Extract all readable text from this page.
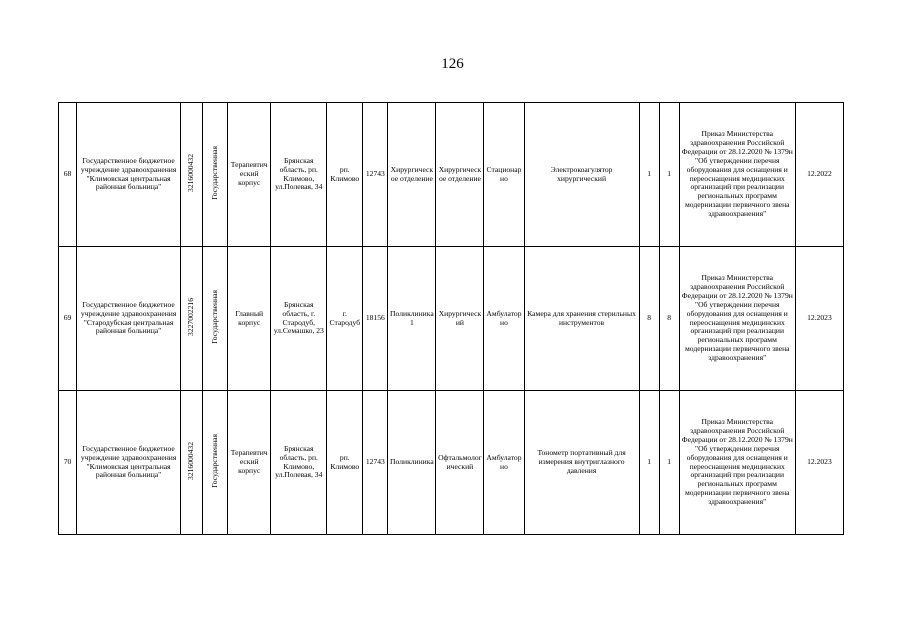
126
68	Государственное бюджетное учреждение здравоохранения "Климовская центральная районная больница"	3216000432	Государственная	Терапевтический корпус	Брянская область, рп. Климово, ул.Полевая, 34	рп. Климово	12743	Хирургическое отделение	Хирургическое отделение	Стационарно	Электрокоагулятор хирургический	1	1	Приказ Министерства здравоохранения Российской Федерации от 28.12.2020 № 1379н "Об утверждении перечня оборудования для оснащения и переоснащения медицинских организаций при реализации региональных программ модернизации первичного звена здравоохранения"	12.2022
69	Государственное бюджетное учреждение здравоохранения "Стародубская центральная районная больница"	3227002216	Государственная	Главный корпус	Брянская область, г. Стародуб, ул.Семашко, 23	г. Стародуб	18156	Поликлиника 1	Хирургический	Амбулаторно	Камера для хранения стерильных инструментов	8	8	Приказ Министерства здравоохранения Российской Федерации от 28.12.2020 № 1379н "Об утверждении перечня оборудования для оснащения и переоснащения медицинских организаций при реализации региональных программ модернизации первичного звена здравоохранения"	12.2023
70	Государственное бюджетное учреждение здравоохранения "Климовская центральная районная больница"	3216000432	Государственная	Терапевтический корпус	Брянская область, рп. Климово, ул.Полевая, 34	рп. Климово	12743	Поликлиника	Офтальмологический	Амбулаторно	Тонометр портативный для измерения внутриглазного давления	1	1	Приказ Министерства здравоохранения Российской Федерации от 28.12.2020 № 1379н "Об утверждении перечня оборудования для оснащения и переоснащения медицинских организаций при реализации региональных программ модернизации первичного звена здравоохранения"	12.2023
